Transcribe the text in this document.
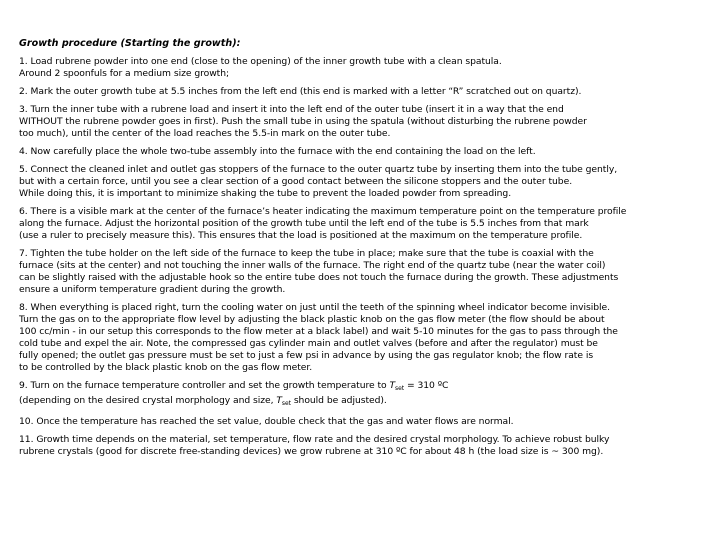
Growth procedure (Starting the growth):

1. Load rubrene powder into one end (close to the opening) of the inner growth tube with a clean spatula.

Around 2 spoonfuls for a medium size growth;

2. Mark the outer growth tube at 5.5 inches from the left end (this end is marked with a letter “R” scratched out on quartz).

3. Turn the inner tube with a rubrene load and insert it into the left end of the outer tube (insert it in a way that the end

WITHOUT the rubrene powder goes in first). Push the small tube in using the spatula (without disturbing the rubrene powder

too much), until the center of the load reaches the 5.5-in mark on the outer tube.

4. Now carefully place the whole two-tube assembly into the furnace with the end containing the load on the left.

5. Connect the cleaned inlet and outlet gas stoppers of the furnace to the outer quartz tube by inserting them into the tube gently,

but with a certain force, until you see a clear section of a good contact between the silicone stoppers and the outer tube.

While doing this, it is important to minimize shaking the tube to prevent the loaded powder from spreading.

6. There is a visible mark at the center of the furnace’s heater indicating the maximum temperature point on the temperature profile

along the furnace. Adjust the horizontal position of the growth tube until the left end of the tube is 5.5 inches from that mark

(use a ruler to precisely measure this). This ensures that the load is positioned at the maximum on the temperature profile.

7. Tighten the tube holder on the left side of the furnace to keep the tube in place; make sure that the tube is coaxial with the

furnace (sits at the center) and not touching the inner walls of the furnace. The right end of the quartz tube (near the water coil)

can be slightly raised with the adjustable hook so the entire tube does not touch the furnace during the growth. These adjustments

ensure a uniform temperature gradient during the growth.

8. When everything is placed right, turn the cooling water on just until the teeth of the spinning wheel indicator become invisible.

Turn the gas on to the appropriate flow level by adjusting the black plastic knob on the gas flow meter (the flow should be about

100 cc/min - in our setup this corresponds to the flow meter at a black label) and wait 5-10 minutes for the gas to pass through the

cold tube and expel the air. Note, the compressed gas cylinder main and outlet valves (before and after the regulator) must be

fully opened; the outlet gas pressure must be set to just a few psi in advance by using the gas regulator knob; the flow rate is

to be controlled by the black plastic knob on the gas flow meter.

9. Turn on the furnace temperature controller and set the growth temperature to $T_{set} = 310$ ºC

(depending on the desired crystal morphology and size, $T_{set}$ should be adjusted).

10. Once the temperature has reached the set value, double check that the gas and water flows are normal.

11. Growth time depends on the material, set temperature, flow rate and the desired crystal morphology. To achieve robust bulky

rubrene crystals (good for discrete free-standing devices) we grow rubrene at 310 ºC for about 48 h (the load size is ~ 300 mg).
